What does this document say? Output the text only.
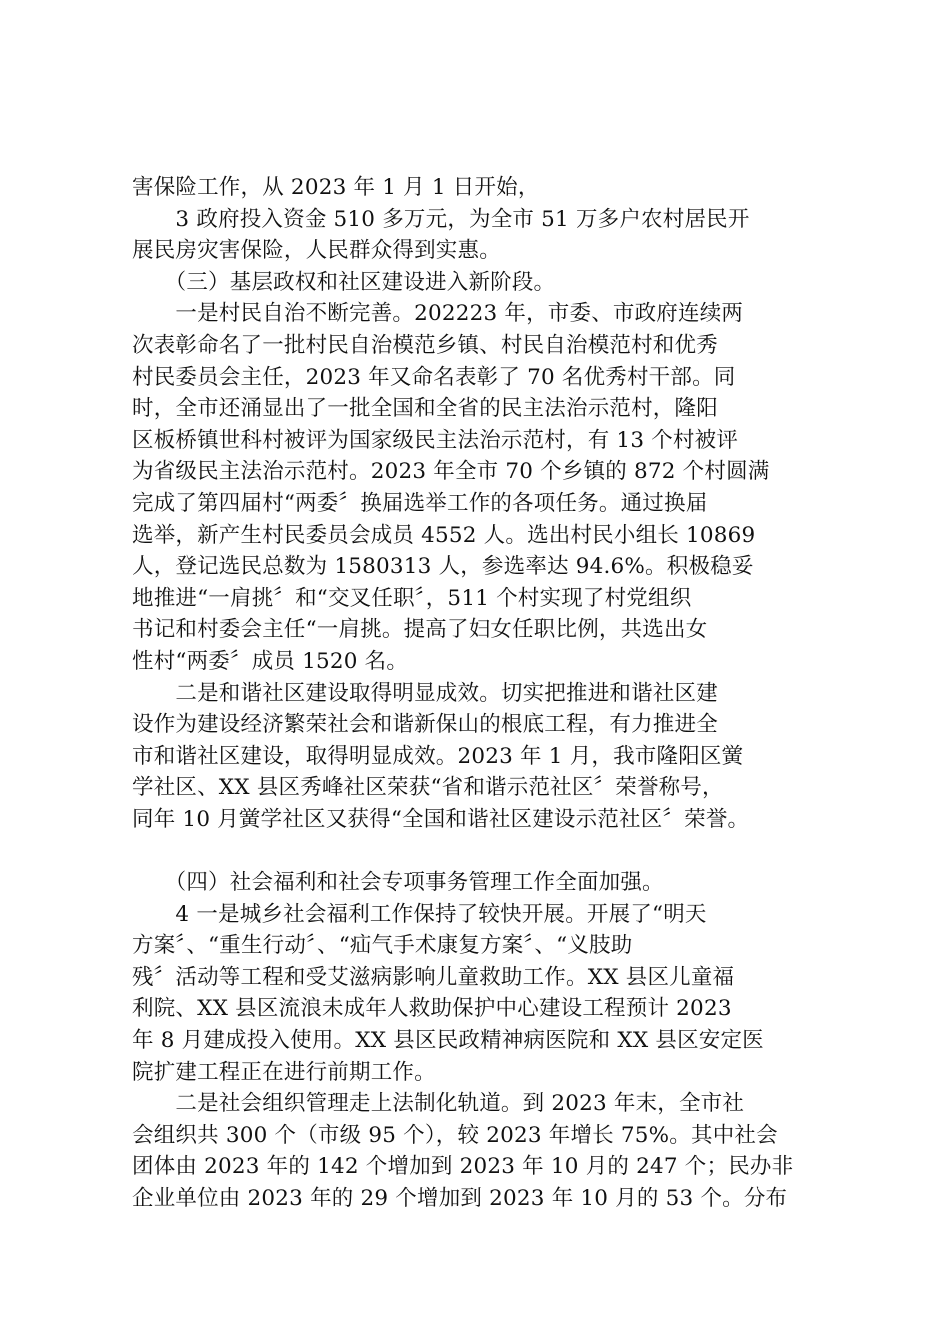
害保险工作，从 2023 年 1 月 1 日开始，
　　3 政府投入资金 510 多万元，为全市 51 万多户农村居民开
展民房灾害保险，人民群众得到实惠。
　　（三）基层政权和社区建设进入新阶段。
　　一是村民自治不断完善。202223 年，市委、市政府连续两
次表彰命名了一批村民自治模范乡镇、村民自治模范村和优秀
村民委员会主任，2023 年又命名表彰了 70 名优秀村干部。同
时，全市还涌显出了一批全国和全省的民主法治示范村，隆阳
区板桥镇世科村被评为国家级民主法治示范村，有 13 个村被评
为省级民主法治示范村。2023 年全市 70 个乡镇的 872 个村圆满
完成了第四届村“两委〞换届选举工作的各项任务。通过换届
选举，新产生村民委员会成员 4552 人。选出村民小组长 10869
人，登记选民总数为 1580313 人，参选率达 94.6%。积极稳妥
地推进“一肩挑〞和“交叉任职〞，511 个村实现了村党组织
书记和村委会主任“一肩挑。提高了妇女任职比例，共选出女
性村“两委〞成员 1520 名。
　　二是和谐社区建设取得明显成效。切实把推进和谐社区建
设作为建设经济繁荣社会和谐新保山的根底工程，有力推进全
市和谐社区建设，取得明显成效。2023 年 1 月，我市隆阳区黉
学社区、XX 县区秀峰社区荣获“省和谐示范社区〞荣誉称号，
同年 10 月黉学社区又获得“全国和谐社区建设示范社区〞荣誉。
　　（四）社会福利和社会专项事务管理工作全面加强。
　　4 一是城乡社会福利工作保持了较快开展。开展了“明天
方案〞、“重生行动〞、“疝气手术康复方案〞、“义肢助
残〞活动等工程和受艾滋病影响儿童救助工作。XX 县区儿童福
利院、XX 县区流浪未成年人救助保护中心建设工程预计 2023
年 8 月建成投入使用。XX 县区民政精神病医院和 XX 县区安定医
院扩建工程正在进行前期工作。
　　二是社会组织管理走上法制化轨道。到 2023 年末，全市社
会组织共 300 个（市级 95 个），较 2023 年增长 75%。其中社会
团体由 2023 年的 142 个增加到 2023 年 10 月的 247 个；民办非
企业单位由 2023 年的 29 个增加到 2023 年 10 月的 53 个。分布
